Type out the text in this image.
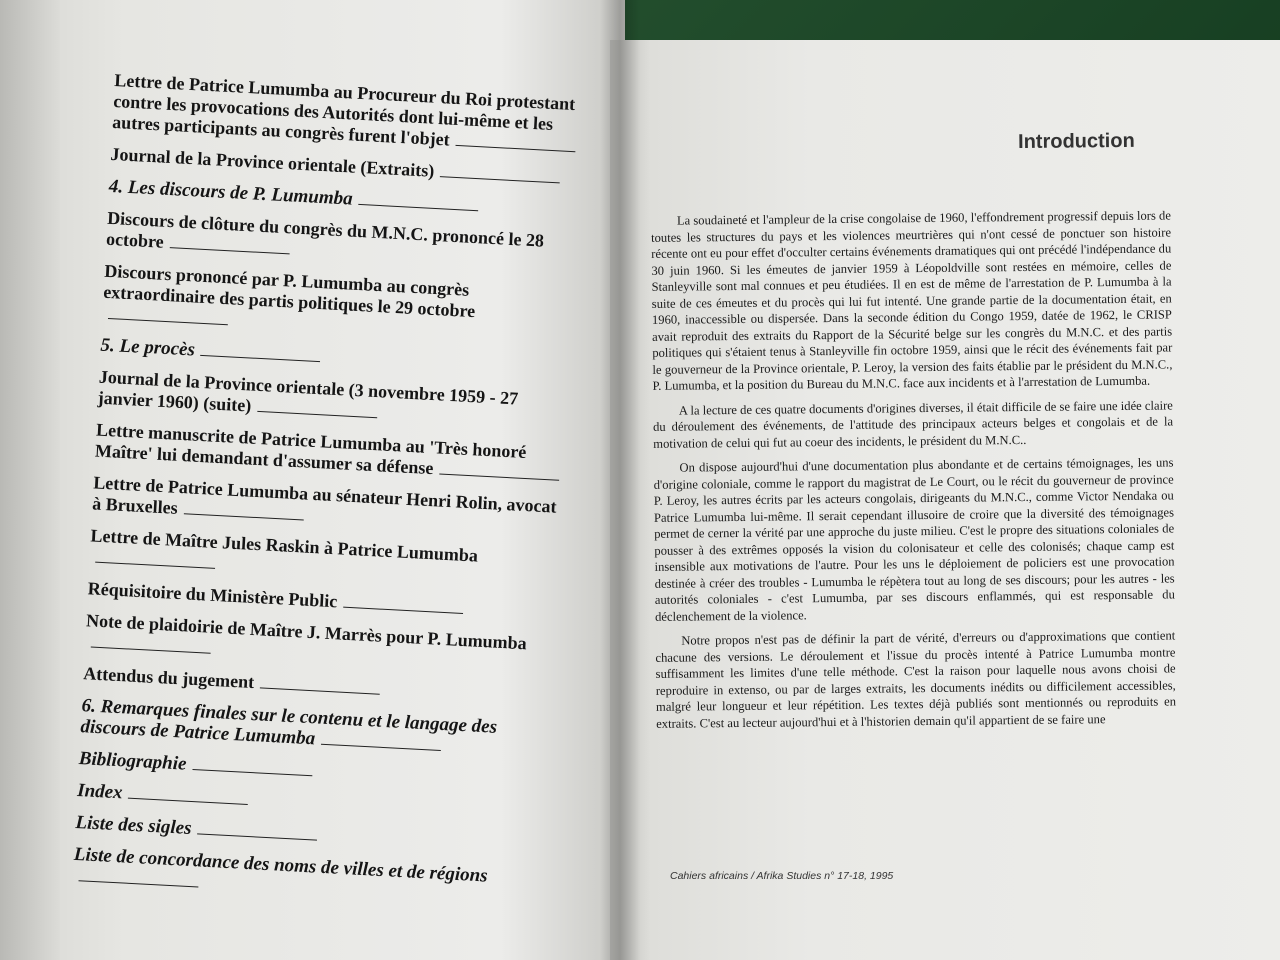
Lettre de Patrice Lumumba au Procureur du Roi protestant contre les provocations des Autorités dont lui-même et les autres participants au congrès furent l'objet
Journal de la Province orientale (Extraits)
4. Les discours de P. Lumumba
Discours de clôture du congrès du M.N.C. prononcé le 28 octobre
Discours prononcé par P. Lumumba au congrès extraordinaire des partis politiques le 29 octobre
5. Le procès
Journal de la Province orientale (3 novembre 1959 - 27 janvier 1960) (suite)
Lettre manuscrite de Patrice Lumumba au 'Très honoré Maître' lui demandant d'assumer sa défense
Lettre de Patrice Lumumba au sénateur Henri Rolin, avocat à Bruxelles
Lettre de Maître Jules Raskin à Patrice Lumumba
Réquisitoire du Ministère Public
Note de plaidoirie de Maître J. Marrès pour P. Lumumba
Attendus du jugement
6. Remarques finales sur le contenu et le langage des discours de Patrice Lumumba
Bibliographie
Index
Liste des sigles
Liste de concordance des noms de villes et de régions
Introduction

La soudaineté et l'ampleur de la crise congolaise de 1960, l'effondrement progressif depuis lors de toutes les structures du pays et les violences meurtrières qui n'ont cessé de ponctuer son histoire récente ont eu pour effet d'occulter certains événements dramatiques qui ont précédé l'indépendance du 30 juin 1960. Si les émeutes de janvier 1959 à Léopoldville sont restées en mémoire, celles de Stanleyville sont mal connues et peu étudiées. Il en est de même de l'arrestation de P. Lumumba à la suite de ces émeutes et du procès qui lui fut intenté. Une grande partie de la documentation était, en 1960, inaccessible ou dispersée. Dans la seconde édition du Congo 1959, datée de 1962, le CRISP avait reproduit des extraits du Rapport de la Sécurité belge sur les congrès du M.N.C. et des partis politiques qui s'étaient tenus à Stanleyville fin octobre 1959, ainsi que le récit des événements fait par le gouverneur de la Province orientale, P. Leroy, la version des faits établie par le président du M.N.C., P. Lumumba, et la position du Bureau du M.N.C. face aux incidents et à l'arrestation de Lumumba.

A la lecture de ces quatre documents d'origines diverses, il était difficile de se faire une idée claire du déroulement des événements, de l'attitude des principaux acteurs belges et congolais et de la motivation de celui qui fut au coeur des incidents, le président du M.N.C..

On dispose aujourd'hui d'une documentation plus abondante et de certains témoignages, les uns d'origine coloniale, comme le rapport du magistrat de Le Court, ou le récit du gouverneur de province P. Leroy, les autres écrits par les acteurs congolais, dirigeants du M.N.C., comme Victor Nendaka ou Patrice Lumumba lui-même. Il serait cependant illusoire de croire que la diversité des témoignages permet de cerner la vérité par une approche du juste milieu. C'est le propre des situations coloniales de pousser à des extrêmes opposés la vision du colonisateur et celle des colonisés; chaque camp est insensible aux motivations de l'autre. Pour les uns le déploiement de policiers est une provocation destinée à créer des troubles - Lumumba le répètera tout au long de ses discours; pour les autres - les autorités coloniales - c'est Lumumba, par ses discours enflammés, qui est responsable du déclenchement de la violence.

Notre propos n'est pas de définir la part de vérité, d'erreurs ou d'approximations que contient chacune des versions. Le déroulement et l'issue du procès intenté à Patrice Lumumba montre suffisamment les limites d'une telle méthode. C'est la raison pour laquelle nous avons choisi de reproduire in extenso, ou par de larges extraits, les documents inédits ou difficilement accessibles, malgré leur longueur et leur répétition. Les textes déjà publiés sont mentionnés ou reproduits en extraits. C'est au lecteur aujourd'hui et à l'historien demain qu'il appartient de se faire une

Cahiers africains / Afrika Studies n° 17-18, 1995
